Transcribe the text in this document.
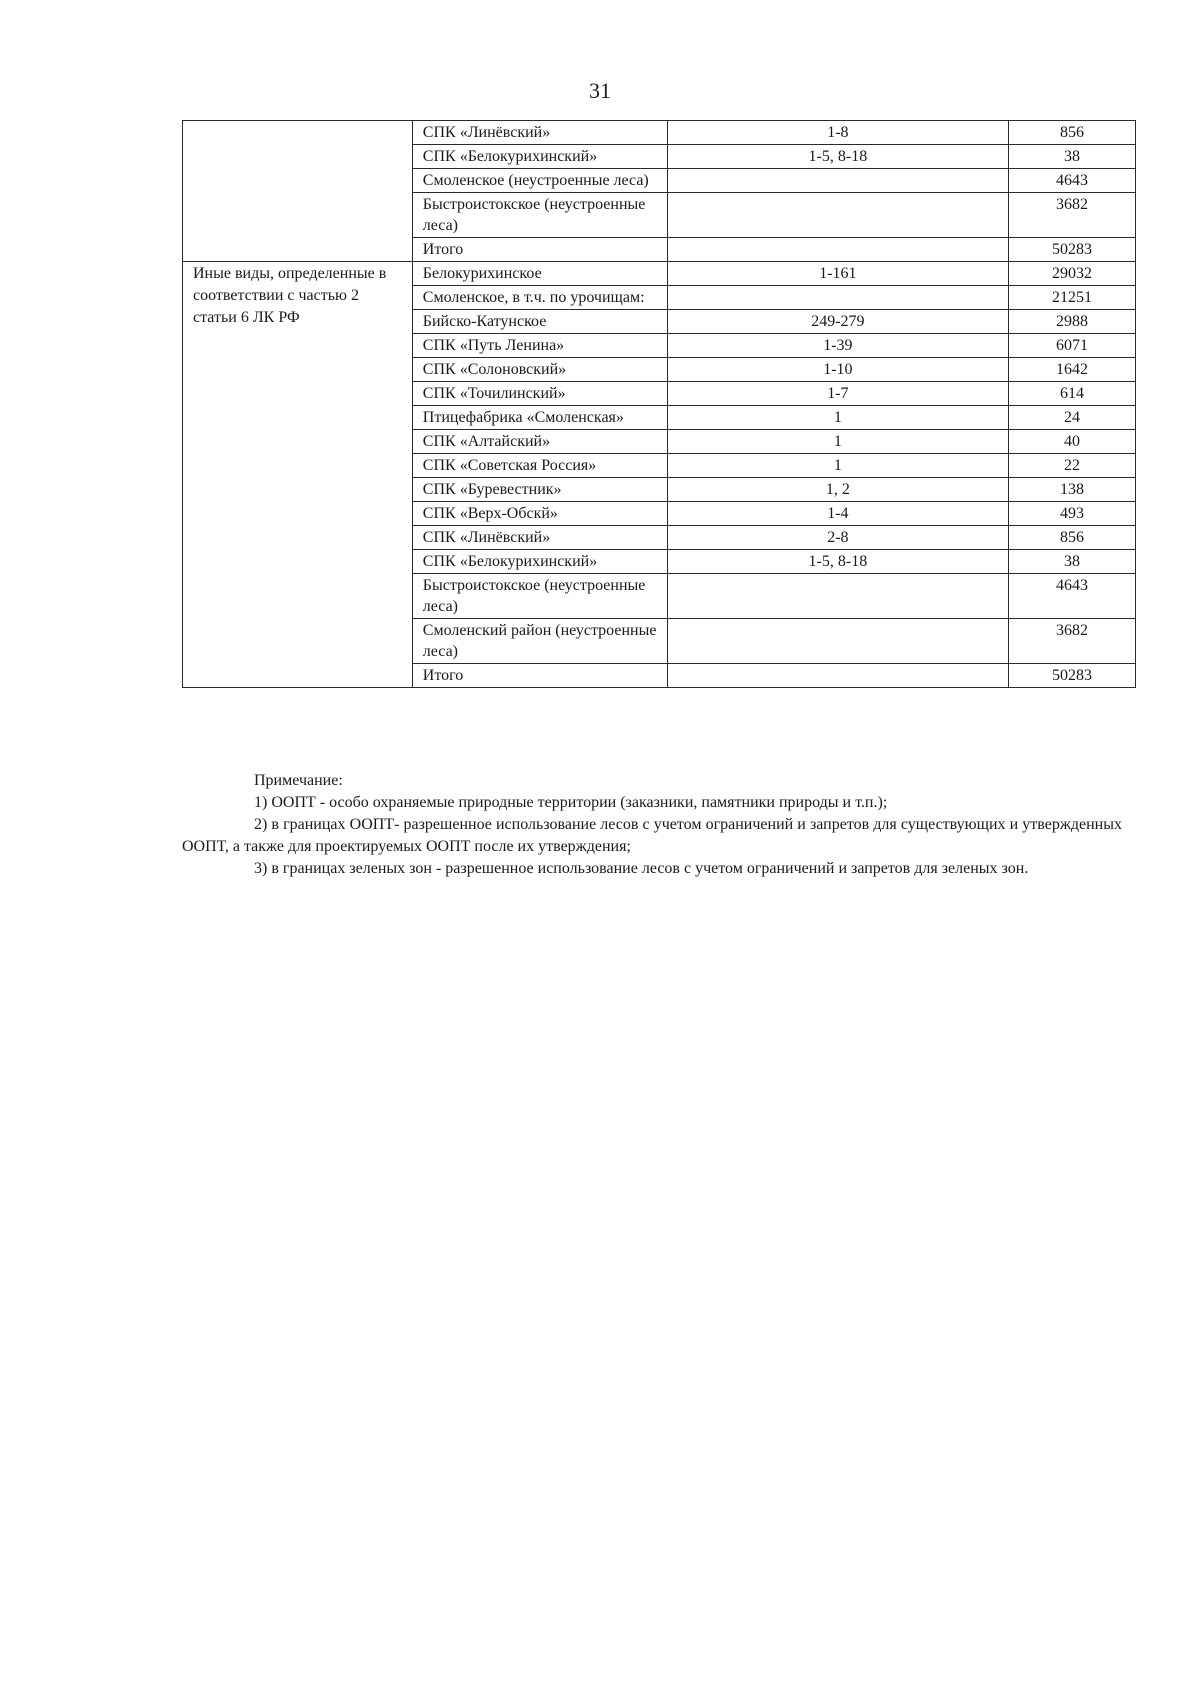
31
	СПК «Линёвский»	1-8	856
	СПК «Белокурихинский»	1-5, 8-18	38
	Смоленское (неустроенные леса)		4643
	Быстроистокское (неустроенные леса)		3682
	Итого		50283
Иные виды, определенные в соответствии с частью 2 статьи 6 ЛК РФ	Белокурихинское	1-161	29032
	Смоленское, в т.ч. по урочищам:		21251
	Бийско-Катунское	249-279	2988
	СПК «Путь Ленина»	1-39	6071
	СПК «Солоновский»	1-10	1642
	СПК «Точилинский»	1-7	614
	Птицефабрика «Смоленская»	1	24
	СПК «Алтайский»	1	40
	СПК «Советская Россия»	1	22
	СПК «Буревестник»	1, 2	138
	СПК «Верх-Обскй»	1-4	493
	СПК «Линёвский»	2-8	856
	СПК «Белокурихинский»	1-5, 8-18	38
	Быстроистокское (неустроенные леса)		4643
	Смоленский район (неустроенные леса)		3682
	Итого		50283

Примечание:

1) ООПТ - особо охраняемые природные территории (заказники, памятники природы и т.п.);

2) в границах ООПТ- разрешенное использование лесов с учетом ограничений и запретов для существующих и утвержденных ООПТ, а также для проектируемых ООПТ после их утверждения;

3) в границах зеленых зон - разрешенное использование лесов с учетом ограничений и запретов для зеленых зон.
